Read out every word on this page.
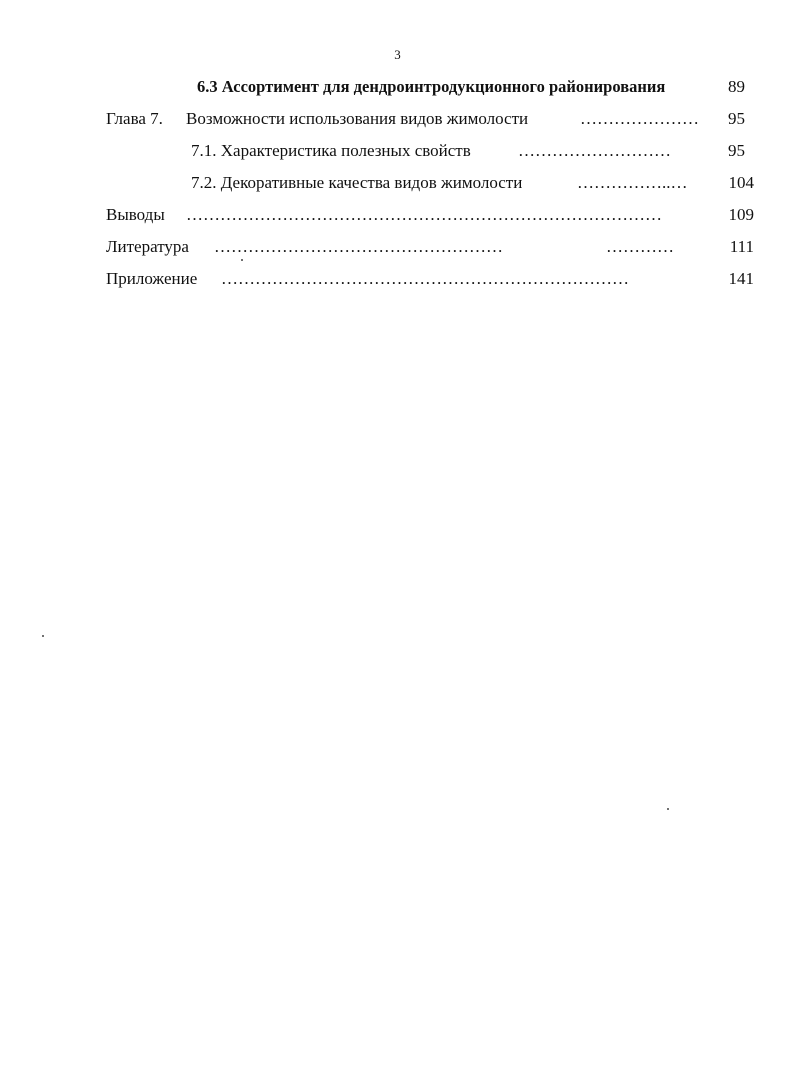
3
6.3 Ассортимент для дендроинтродукционного районирования	89
Глава 7. Возможности использования видов жимолости	…………………	95
7.1. Характеристика полезных свойств	………………………	95
7.2. Декоративные качества видов жимолости	……………..…	104
Выводы …………………………………………………………………………	109
Литература ……………………………………………	…………	111
Приложение ………………………………………………………………	141
